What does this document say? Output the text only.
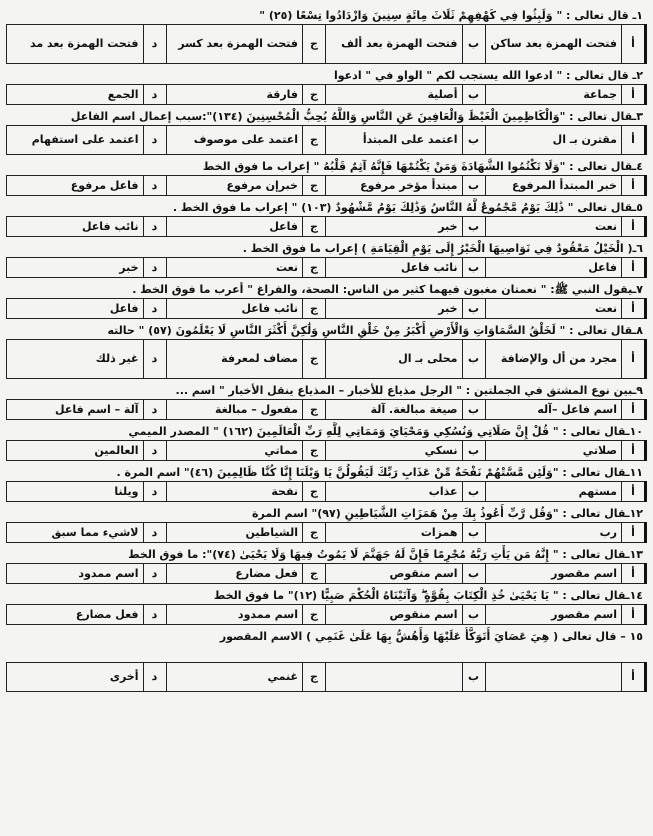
١ـ قال تعالى : " وَلَبِثُوا فِي كَهْفِهِمْ ثَلَاثَ مِائَةٍ سِنِينَ وَازْدَادُوا تِسْعًا (٢٥) "
أ	فتحت الهمزة بعد ساكن	ب	فتحت الهمزة بعد ألف	ج	فتحت الهمزة بعد كسر	د	فتحت الهمزة بعد مد
٢ـ قال تعالى : " ادعوا الله يستجب لكم " الواو في " ادعوا
أ	جماعة	ب	أصلية	ج	فارقة	د	الجمع
٣ـقال تعالى : "وَالْكَاظِمِينَ الْغَيْظَ وَالْعَافِينَ عَنِ النَّاسِ وَاللَّهُ يُحِبُّ الْمُحْسِنِينَ (١٣٤)":سبب إعمال اسم الفاعل
أ	مقترن بـ ال	ب	اعتمد على المبتدأ	ج	اعتمد على موصوف	د	اعتمد على استفهام
٤ـقال تعالى : "وَلَا تَكْتُمُوا الشَّهَادَةَ وَمَنْ يَكْتُمْهَا فَإِنَّهُ آثِمٌ قَلْبُهُ " إعراب ما فوق الخط
أ	خبر المبتدأ المرفوع	ب	مبتدأ مؤخر مرفوع	ج	خبرإن مرفوع	د	فاعل مرفوع
٥ـقال تعالى " ذَٰلِكَ يَوْمٌ مَّجْمُوعٌ لَّهُ النَّاسُ وَذَٰلِكَ يَوْمٌ مَّشْهُودٌ (١٠٣) " إعراب ما فوق الخط .
أ	نعت	ب	خبر	ج	فاعل	د	نائب فاعل
٦ـ( الْخَيْلُ مَعْقُودٌ فِي نَوَاصِيهَا الْخَيْرُ إِلَى يَوْمِ الْقِيَامَةِ ) إعراب ما فوق الخط .
أ	فاعل	ب	نائب فاعل	ج	نعت	د	خبر
٧ـيقول النبي ﷺ: " نعمتان مغبون فيهما كثير من الناس: الصحة، والفراغ " أعرب ما فوق الخط .
أ	نعت	ب	خبر	ج	نائب فاعل	د	فاعل
٨ـقال تعالى : " لَخَلْقُ السَّمَاوَاتِ وَالْأَرْضِ أَكْبَرُ مِنْ خَلْقِ النَّاسِ وَلَٰكِنَّ أَكْثَرَ النَّاسِ لَا يَعْلَمُونَ (٥٧) " حالته
أ	مجرد من أل والإضافة	ب	محلى بـ ال	ج	مضاف لمعرفة	د	غير ذلك
٩ـبين نوع المشتق في الجملتين : " الرجل مذياع للأخبار – المذياع ينقل الأخبار " اسم ...
أ	اسم فاعل –آله	ب	صيغة مبالغة. آلة	ج	مفعول – مبالغة	د	آلة – اسم فاعل
١٠ـقال تعالى : " قُلْ إِنَّ صَلَاتِي وَنُسُكِي وَمَحْيَايَ وَمَمَاتِي لِلَّهِ رَبِّ الْعَالَمِينَ (١٦٢) " المصدر الميمي
أ	صلاتي	ب	نسكي	ج	مماتي	د	العالمين
١١ـقال تعالى : "وَلَئِن مَّسَّتْهُمْ نَفْحَةٌ مِّنْ عَذَابِ رَبِّكَ لَيَقُولُنَّ يَا وَيْلَنَا إِنَّا كُنَّا ظَالِمِينَ (٤٦)" اسم المرة .
أ	مستهم	ب	عذاب	ج	نفحة	د	ويلنا
١٢ـقال تعالى : "وَقُل رَّبِّ أَعُوذُ بِكَ مِنْ هَمَزَاتِ الشَّيَاطِينِ (٩٧)" اسم المرة
أ	رب	ب	همزات	ج	الشياطين	د	لاشيء مما سبق
١٣ـقال تعالى : " إِنَّهُ مَن يَأْتِ رَبَّهُ مُجْرِمًا فَإِنَّ لَهُ جَهَنَّمَ لَا يَمُوتُ فِيهَا وَلَا يَحْيَىٰ (٧٤)": ما فوق الخط
أ	اسم مقصور	ب	اسم منقوص	ج	فعل مضارع	د	اسم ممدود
١٤ـقال تعالى : " يَا يَحْيَىٰ خُذِ الْكِتَابَ بِقُوَّةٍ ۖ وَآتَيْنَاهُ الْحُكْمَ صَبِيًّا (١٢)" ما فوق الخط
أ	اسم مقصور	ب	اسم منقوص	ج	اسم ممدود	د	فعل مضارع
١٥ – قال تعالى ( هِيَ عَصَايَ أَتَوَكَّأُ عَلَيْهَا وَأَهُشُّ بِهَا عَلَىٰ غَنَمِي ) الاسم المقصور
أ		ب		ج	غنمي	د	أخرى
